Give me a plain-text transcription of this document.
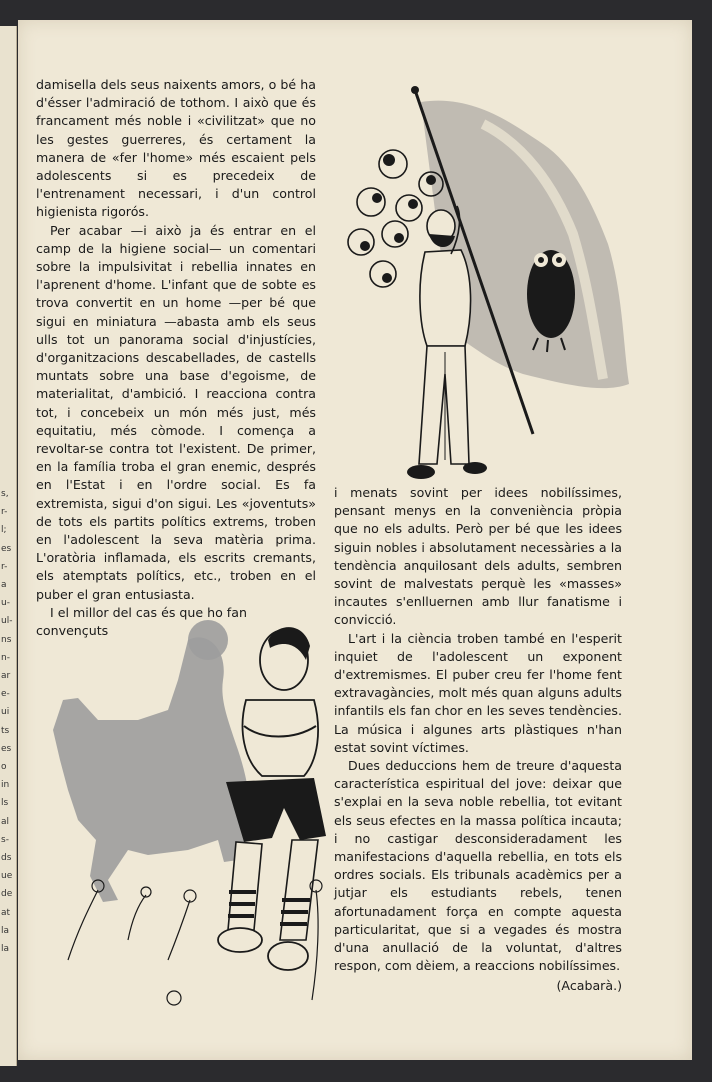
s,
r-
l;
es
r-
a
u-
ul-
ns
n-
ar
e-
ui
ts
es
o
in
ls
al
s-
ds
ue
de
at
la
la

damisella dels seus naixents amors, o bé ha d'ésser l'admiració de tothom. I això que és francament més noble i «civilitzat» que no les gestes guerreres, és certament la manera de «fer l'home» més escaient pels adolescents si es precedeix de l'entrenament necessari, i d'un control higienista rigorós.

Per acabar —i això ja és entrar en el camp de la higiene social— un comentari sobre la impulsivitat i rebellia innates en l'aprenent d'home. L'infant que de sobte es trova convertit en un home —per bé que sigui en miniatura —abasta amb els seus ulls tot un panorama social d'injustícies, d'organitzacions descabellades, de castells muntats sobre una base d'egoisme, de materialitat, d'ambició. I reacciona contra tot, i concebeix un món més just, més equitatiu, més còmode. I comença a revoltar-se contra tot l'existent. De primer, en la família troba el gran enemic, després en l'Estat i en l'ordre social. Es fa extremista, sigui d'on sigui. Les «joventuts» de tots els partits polítics extrems, troben en l'adolescent la seva matèria prima. L'oratòria inflamada, els escrits cremants, els atemptats polítics, etc., troben en el puber el gran entusiasta.

I el millor del cas és que ho fan convençuts

i menats sovint per idees nobilíssimes, pensant menys en la conveniència pròpia que no els adults. Però per bé que les idees siguin nobles i absolutament necessàries a la tendència anquilosant dels adults, sembren sovint de malvestats perquè les «masses» incautes s'enlluernen amb llur fanatisme i convicció.

L'art i la ciència troben també en l'esperit inquiet de l'adolescent un exponent d'extremismes. El puber creu fer l'home fent extravagàncies, molt més quan alguns adults infantils els fan chor en les seves tendències. La música i algunes arts plàstiques n'han estat sovint víctimes.

Dues deduccions hem de treure d'aquesta característica espiritual del jove: deixar que s'explai en la seva noble rebellia, tot evitant els seus efectes en la massa política incauta; i no castigar desconsideradament les manifestacions d'aquella rebellia, en tots els ordres socials. Els tribunals acadèmics per a jutjar els estudiants rebels, tenen afortunadament força en compte aquesta particularitat, que si a vegades és mostra d'una anullació de la voluntat, d'altres respon, com dèiem, a reaccions nobilíssimes.

(Acabarà.)
